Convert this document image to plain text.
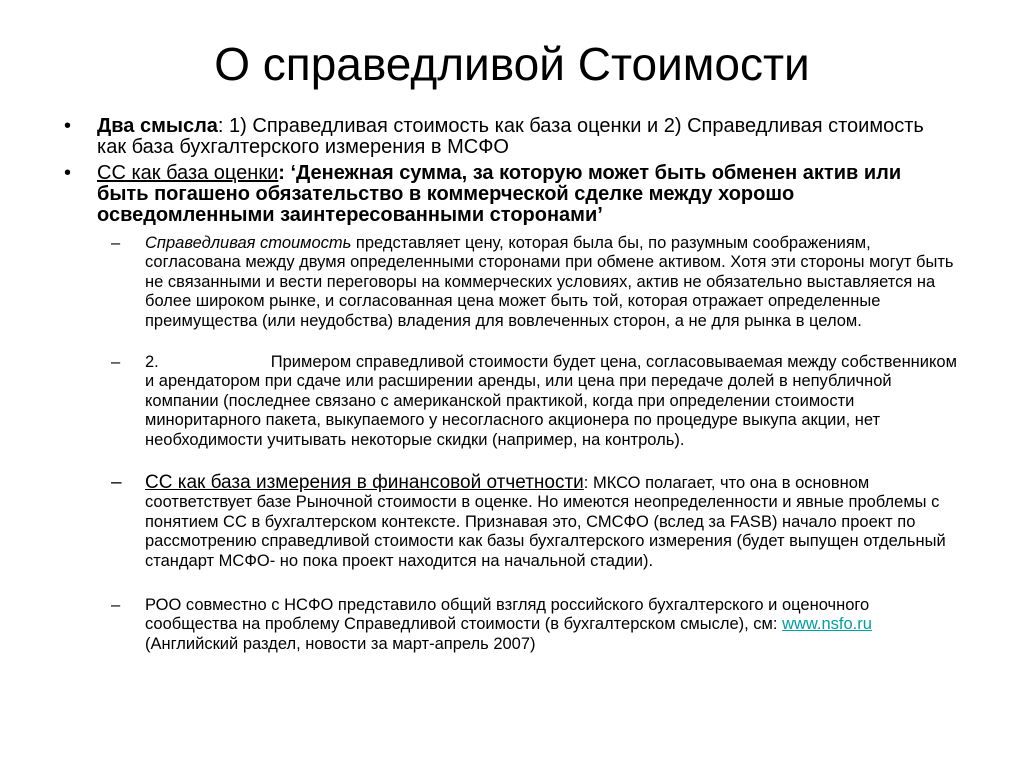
О справедливой Стоимости
•	Два смысла: 1) Справедливая стоимость как база оценки и 2) Справедливая стоимость как база бухгалтерского измерения в МСФО
•	СС как база оценки: ‘Денежная сумма, за которую может быть обменен актив или быть погашено обязательство в коммерческой сделке между хорошо осведомленными заинтересованными сторонами’
–	Справедливая стоимость представляет цену, которая была бы, по разумным соображениям, согласована между двумя определенными сторонами при обмене активом. Хотя эти стороны могут быть не связанными и вести переговоры на коммерческих условиях, актив не обязательно выставляется на более широком рынке, и согласованная цена может быть той, которая отражает определенные преимущества (или неудобства) владения для вовлеченных сторон, а не для рынка в целом.
–	2.	Примером справедливой стоимости будет цена, согласовываемая между собственником и арендатором при сдаче или расширении аренды, или цена при передаче долей в непубличной компании (последнее связано с американской практикой, когда при определении стоимости миноритарного пакета, выкупаемого у несогласного акционера по процедуре выкупа акции, нет необходимости учитывать некоторые скидки (например, на контроль).
– СС как база измерения в финансовой отчетности: МКСО полагает, что она в основном соответствует базе Рыночной стоимости в оценке. Но имеются неопределенности и явные проблемы с понятием СС в бухгалтерском контексте. Признавая это, СМСФО (вслед за FASB) начало проект по рассмотрению справедливой стоимости как базы бухгалтерского измерения (будет выпущен отдельный стандарт МСФО- но пока проект находится на начальной стадии).
–	РОО совместно с НСФО представило общий взгляд российского бухгалтерского и оценочного сообщества на проблему Справедливой стоимости (в бухгалтерском смысле), см: www.nsfo.ru (Английский раздел, новости за март-апрель 2007)
